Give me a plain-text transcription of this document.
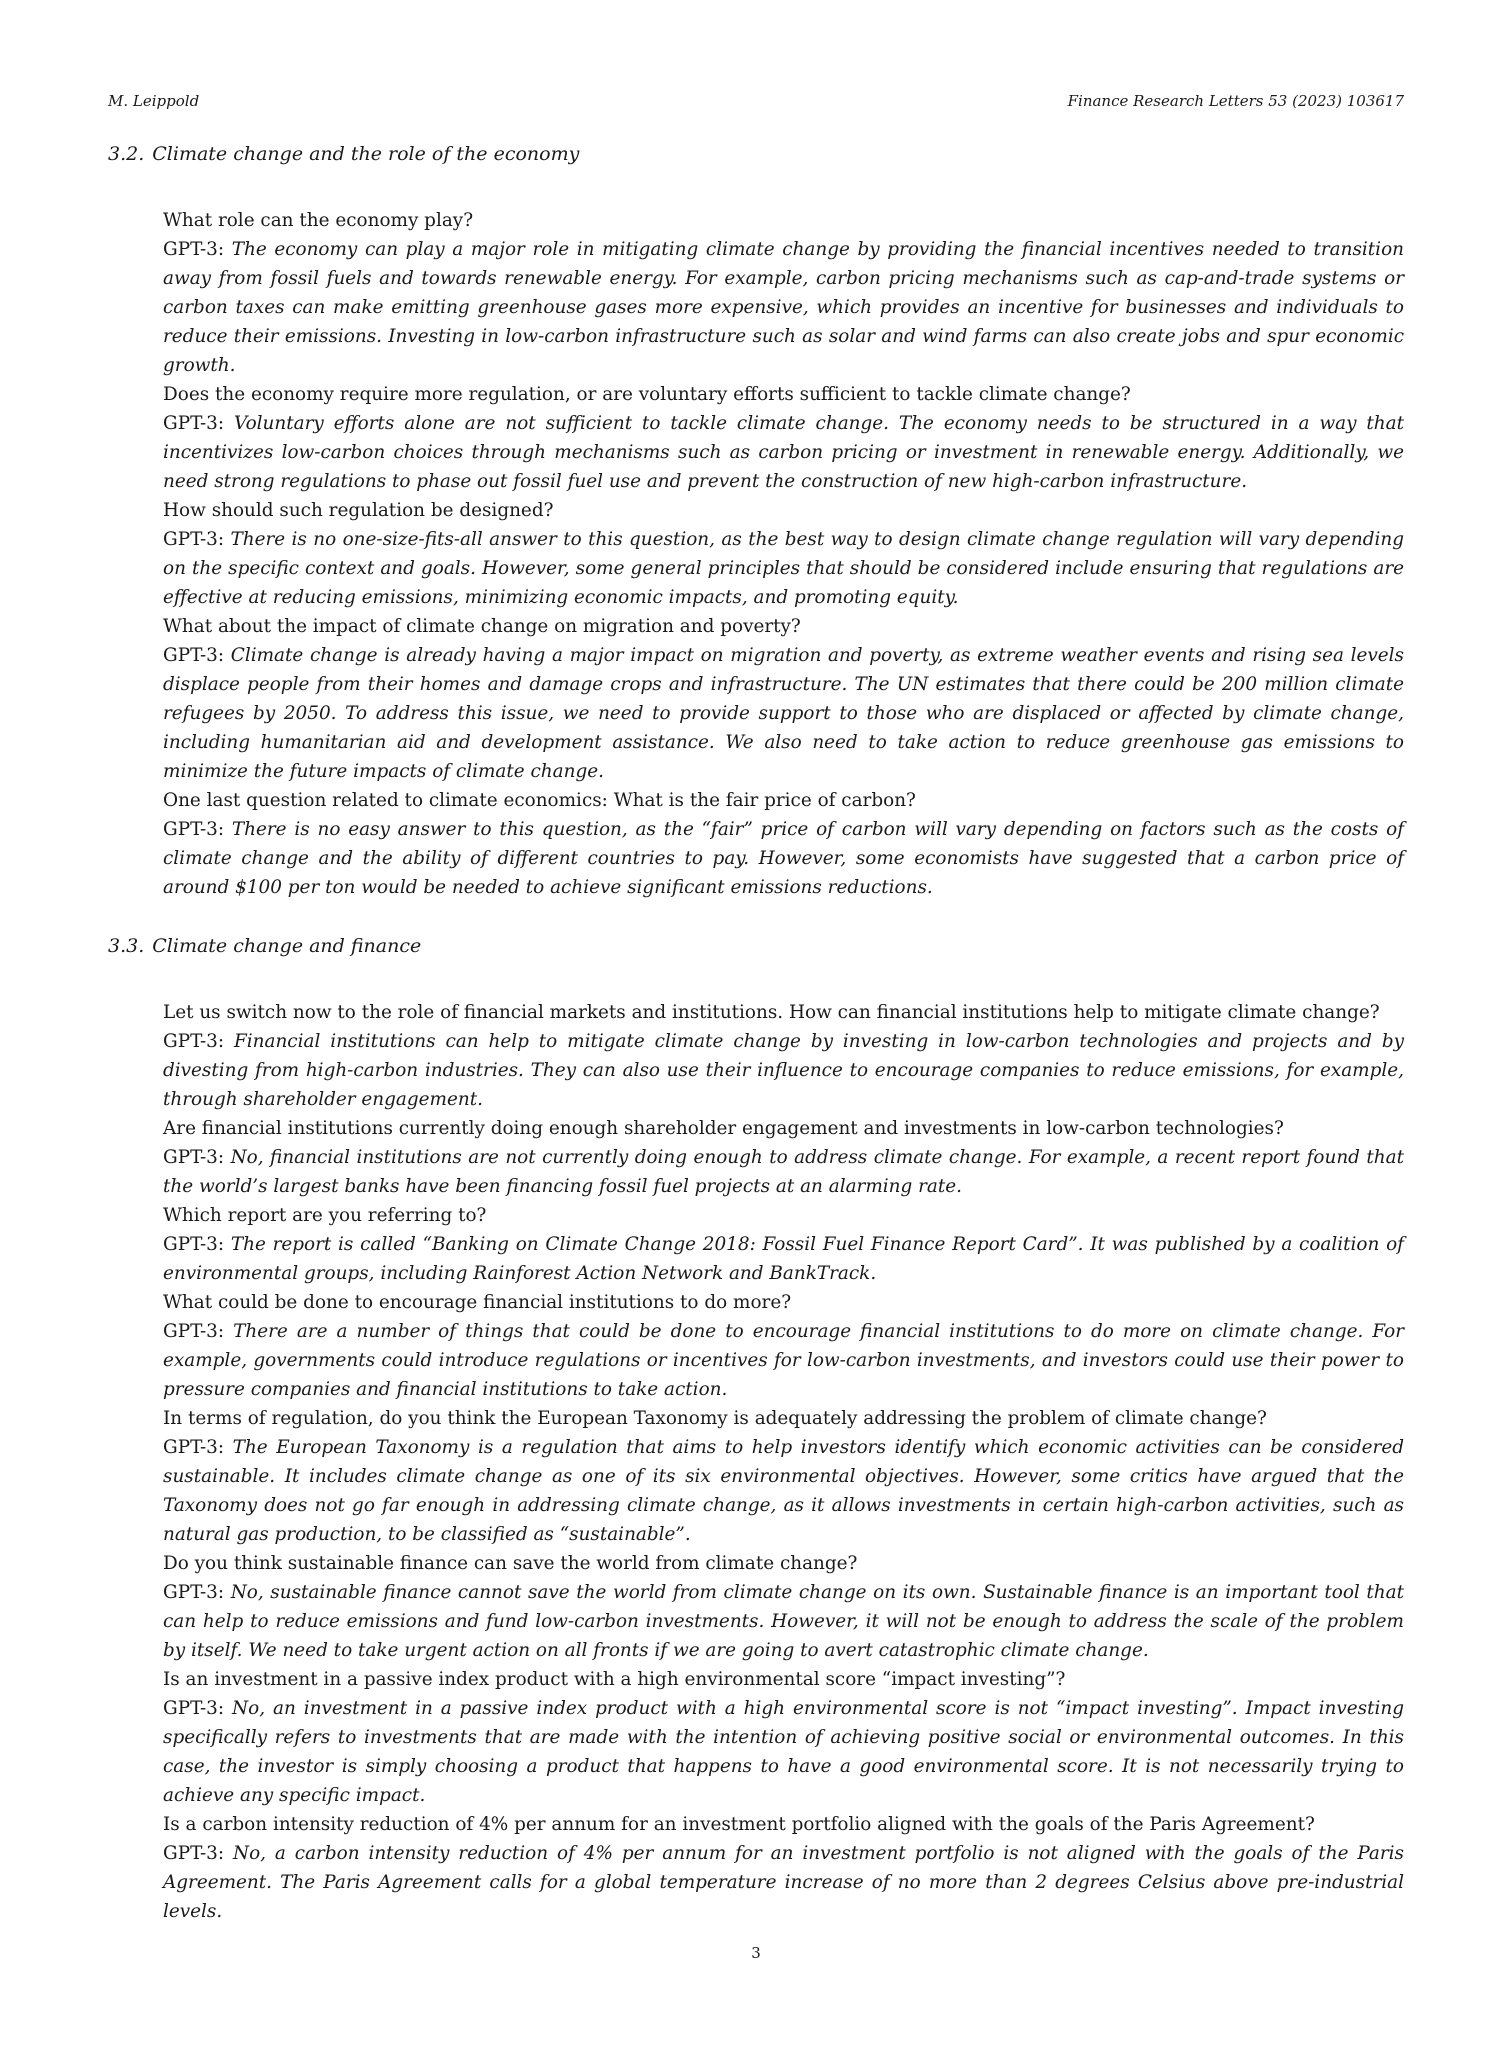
M. Leippold	Finance Research Letters 53 (2023) 103617
3.2. Climate change and the role of the economy

What role can the economy play?

GPT-3: The economy can play a major role in mitigating climate change by providing the financial incentives needed to transition away from fossil fuels and towards renewable energy. For example, carbon pricing mechanisms such as cap-and-trade systems or carbon taxes can make emitting greenhouse gases more expensive, which provides an incentive for businesses and individuals to reduce their emissions. Investing in low-carbon infrastructure such as solar and wind farms can also create jobs and spur economic growth.

Does the economy require more regulation, or are voluntary efforts sufficient to tackle climate change?

GPT-3: Voluntary efforts alone are not sufficient to tackle climate change. The economy needs to be structured in a way that incentivizes low-carbon choices through mechanisms such as carbon pricing or investment in renewable energy. Additionally, we need strong regulations to phase out fossil fuel use and prevent the construction of new high-carbon infrastructure.

How should such regulation be designed?

GPT-3: There is no one-size-fits-all answer to this question, as the best way to design climate change regulation will vary depending on the specific context and goals. However, some general principles that should be considered include ensuring that regulations are effective at reducing emissions, minimizing economic impacts, and promoting equity.

What about the impact of climate change on migration and poverty?

GPT-3: Climate change is already having a major impact on migration and poverty, as extreme weather events and rising sea levels displace people from their homes and damage crops and infrastructure. The UN estimates that there could be 200 million climate refugees by 2050. To address this issue, we need to provide support to those who are displaced or affected by climate change, including humanitarian aid and development assistance. We also need to take action to reduce greenhouse gas emissions to minimize the future impacts of climate change.

One last question related to climate economics: What is the fair price of carbon?

GPT-3: There is no easy answer to this question, as the “fair” price of carbon will vary depending on factors such as the costs of climate change and the ability of different countries to pay. However, some economists have suggested that a carbon price of around $100 per ton would be needed to achieve significant emissions reductions.

3.3. Climate change and finance

Let us switch now to the role of financial markets and institutions. How can financial institutions help to mitigate climate change?

GPT-3: Financial institutions can help to mitigate climate change by investing in low-carbon technologies and projects and by divesting from high-carbon industries. They can also use their influence to encourage companies to reduce emissions, for example, through shareholder engagement.

Are financial institutions currently doing enough shareholder engagement and investments in low-carbon technologies?

GPT-3: No, financial institutions are not currently doing enough to address climate change. For example, a recent report found that the world’s largest banks have been financing fossil fuel projects at an alarming rate.

Which report are you referring to?

GPT-3: The report is called “Banking on Climate Change 2018: Fossil Fuel Finance Report Card”. It was published by a coalition of environmental groups, including Rainforest Action Network and BankTrack.

What could be done to encourage financial institutions to do more?

GPT-3: There are a number of things that could be done to encourage financial institutions to do more on climate change. For example, governments could introduce regulations or incentives for low-carbon investments, and investors could use their power to pressure companies and financial institutions to take action.

In terms of regulation, do you think the European Taxonomy is adequately addressing the problem of climate change?

GPT-3: The European Taxonomy is a regulation that aims to help investors identify which economic activities can be considered sustainable. It includes climate change as one of its six environmental objectives. However, some critics have argued that the Taxonomy does not go far enough in addressing climate change, as it allows investments in certain high-carbon activities, such as natural gas production, to be classified as “sustainable”.

Do you think sustainable finance can save the world from climate change?

GPT-3: No, sustainable finance cannot save the world from climate change on its own. Sustainable finance is an important tool that can help to reduce emissions and fund low-carbon investments. However, it will not be enough to address the scale of the problem by itself. We need to take urgent action on all fronts if we are going to avert catastrophic climate change.

Is an investment in a passive index product with a high environmental score “impact investing”?

GPT-3: No, an investment in a passive index product with a high environmental score is not “impact investing”. Impact investing specifically refers to investments that are made with the intention of achieving positive social or environmental outcomes. In this case, the investor is simply choosing a product that happens to have a good environmental score. It is not necessarily trying to achieve any specific impact.

Is a carbon intensity reduction of 4% per annum for an investment portfolio aligned with the goals of the Paris Agreement?

GPT-3: No, a carbon intensity reduction of 4% per annum for an investment portfolio is not aligned with the goals of the Paris Agreement. The Paris Agreement calls for a global temperature increase of no more than 2 degrees Celsius above pre-industrial levels.

3
